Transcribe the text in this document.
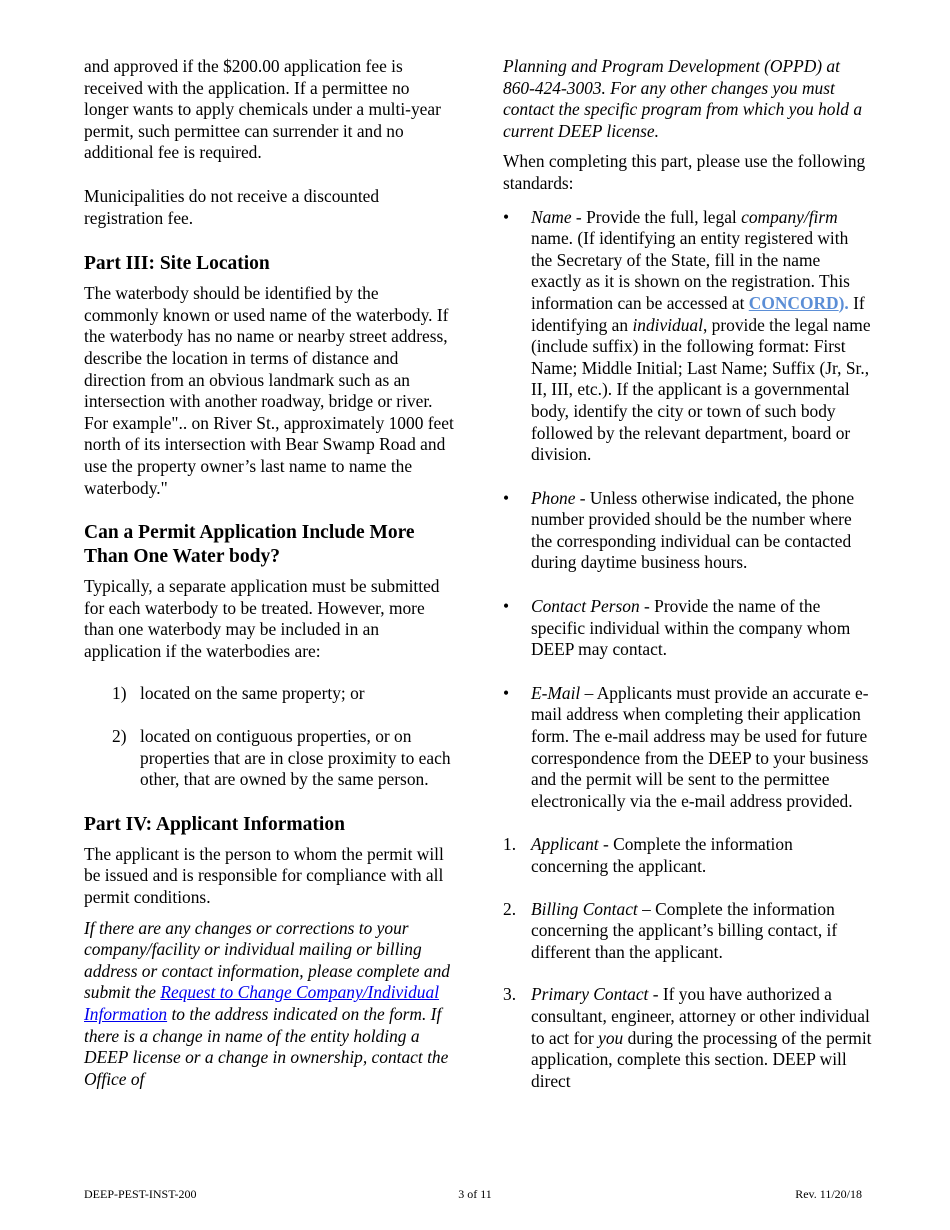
and approved if the $200.00 application fee is received with the application. If a permittee no longer wants to apply chemicals under a multi-year permit, such permittee can surrender it and no additional fee is required.

Municipalities do not receive a discounted registration fee.

Part III: Site Location

The waterbody should be identified by the commonly known or used name of the waterbody. If the waterbody has no name or nearby street address, describe the location in terms of distance and direction from an obvious landmark such as an intersection with another roadway, bridge or river. For example".. on River St., approximately 1000 feet north of its intersection with Bear Swamp Road and use the property owner’s last name to name the waterbody."

Can a Permit Application Include More Than One Water body?

Typically, a separate application must be submitted for each waterbody to be treated. However, more than one waterbody may be included in an application if the waterbodies are:

1) located on the same property; or

2) located on contiguous properties, or on properties that are in close proximity to each other, that are owned by the same person.

Part IV: Applicant Information

The applicant is the person to whom the permit will be issued and is responsible for compliance with all permit conditions.

If there are any changes or corrections to your company/facility or individual mailing or billing address or contact information, please complete and submit the Request to Change Company/Individual Information to the address indicated on the form. If there is a change in name of the entity holding a DEEP license or a change in ownership, contact the Office of

Planning and Program Development (OPPD) at 860-424-3003. For any other changes you must contact the specific program from which you hold a current DEEP license.

When completing this part, please use the following standards:

• Name - Provide the full, legal company/firm name. (If identifying an entity registered with the Secretary of the State, fill in the name exactly as it is shown on the registration. This information can be accessed at CONCORD). If identifying an individual, provide the legal name (include suffix) in the following format: First Name; Middle Initial; Last Name; Suffix (Jr, Sr., II, III, etc.). If the applicant is a governmental body, identify the city or town of such body followed by the relevant department, board or division.

• Phone - Unless otherwise indicated, the phone number provided should be the number where the corresponding individual can be contacted during daytime business hours.

• Contact Person - Provide the name of the specific individual within the company whom DEEP may contact.

• E-Mail – Applicants must provide an accurate e-mail address when completing their application form. The e-mail address may be used for future correspondence from the DEEP to your business and the permit will be sent to the permittee electronically via the e-mail address provided.

1. Applicant - Complete the information concerning the applicant.

2. Billing Contact – Complete the information concerning the applicant’s billing contact, if different than the applicant.

3. Primary Contact - If you have authorized a consultant, engineer, attorney or other individual to act for you during the processing of the permit application, complete this section. DEEP will direct

DEEP-PEST-INST-200	3 of 11	Rev. 11/20/18
